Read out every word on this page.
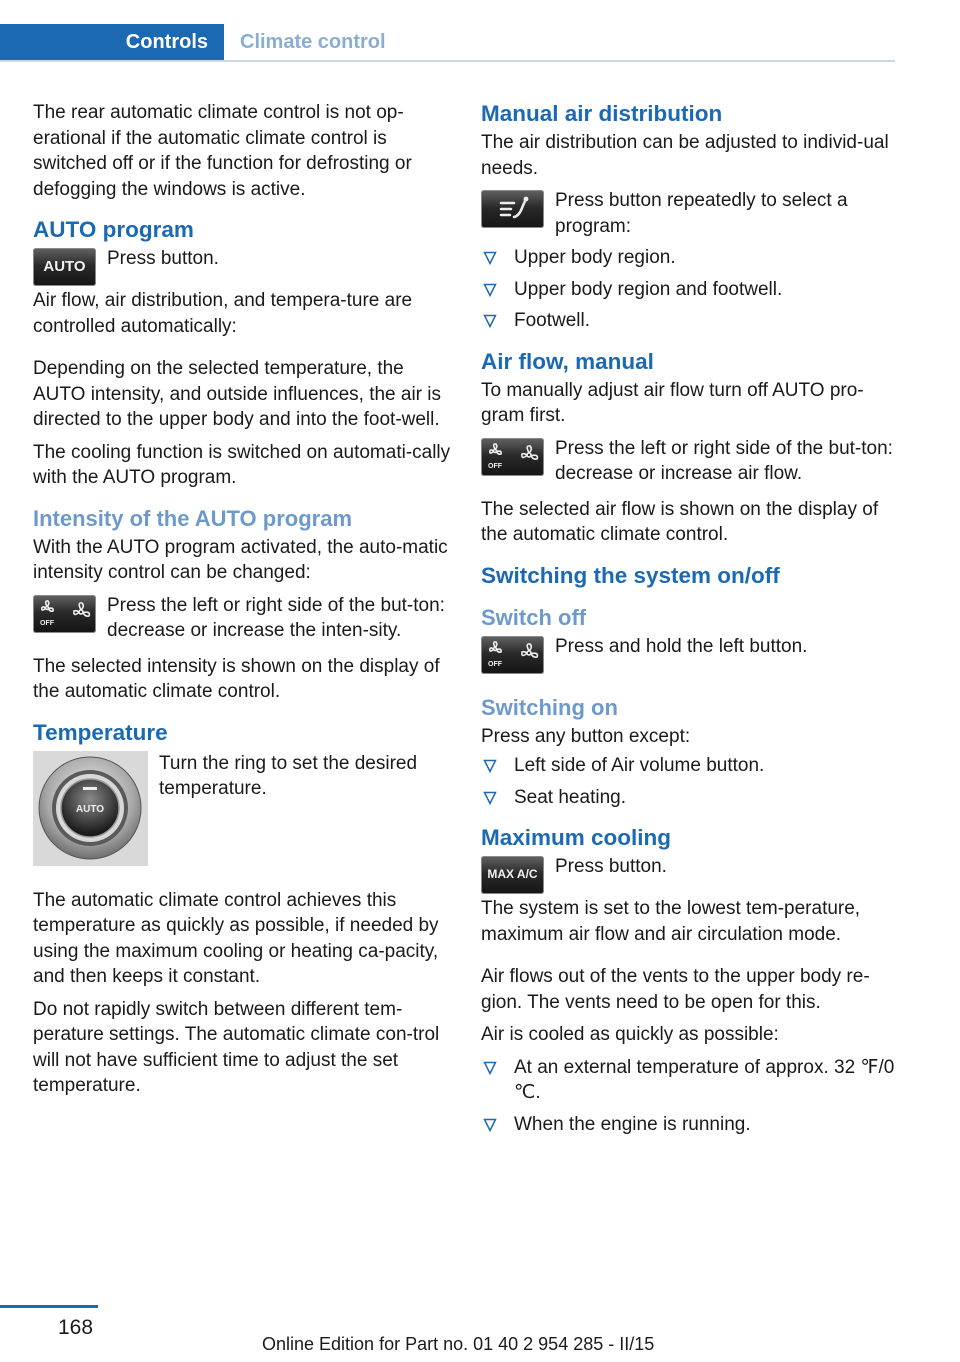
Controls	Climate control

The rear automatic climate control is not op-erational if the automatic climate control is switched off or if the function for defrosting or defogging the windows is active.

AUTO program
AUTO Press button.

Air flow, air distribution, and tempera-ture are controlled automatically:

Depending on the selected temperature, the AUTO intensity, and outside influences, the air is directed to the upper body and into the foot-well.

The cooling function is switched on automati-cally with the AUTO program.

Intensity of the AUTO program

With the AUTO program activated, the auto-matic intensity control can be changed:

OFF

Press the left or right side of the but-ton: decrease or increase the inten-sity.

The selected intensity is shown on the display of the automatic climate control.

Temperature
AUTO

Turn the ring to set the desired temperature.

The automatic climate control achieves this temperature as quickly as possible, if needed by using the maximum cooling or heating ca-pacity, and then keeps it constant.

Do not rapidly switch between different tem-perature settings. The automatic climate con-trol will not have sufficient time to adjust the set temperature.

Manual air distribution

The air distribution can be adjusted to individ-ual needs.

Press button repeatedly to select a program:

Upper body region.
Upper body region and footwell.
Footwell.
Air flow, manual

To manually adjust air flow turn off AUTO pro-gram first.

OFF

Press the left or right side of the but-ton: decrease or increase air flow.

The selected air flow is shown on the display of the automatic climate control.

Switching the system on/off
Switch off
OFF

Press and hold the left button.

Switching on

Press any button except:

Left side of Air volume button.
Seat heating.
Maximum cooling
MAX A/C Press button.

The system is set to the lowest tem-perature, maximum air flow and air circulation mode.

Air flows out of the vents to the upper body re-gion. The vents need to be open for this.

Air is cooled as quickly as possible:

At an external temperature of approx. 32 ℉/0 ℃.
When the engine is running.
168
Online Edition for Part no. 01 40 2 954 285 - II/15
